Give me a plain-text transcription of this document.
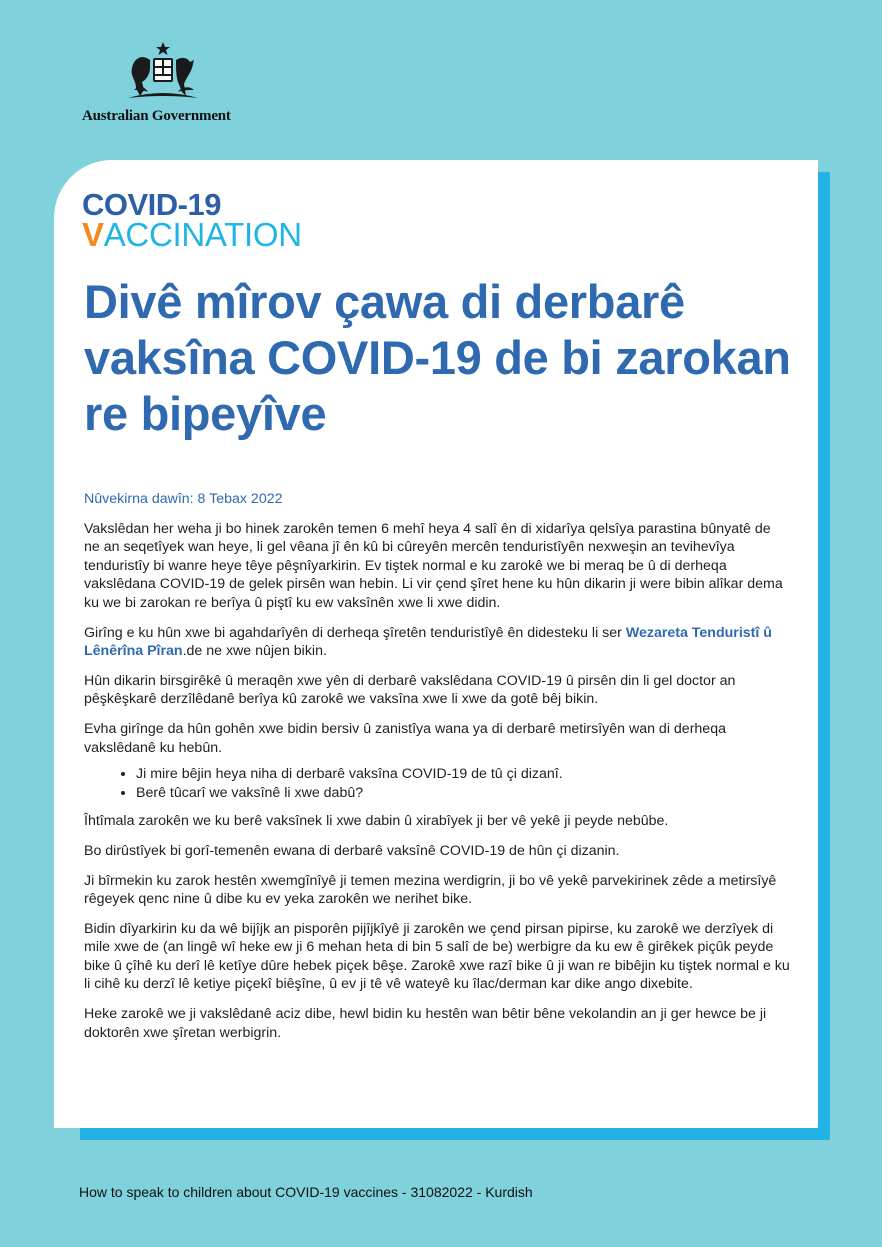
Australian Government
COVID-19
VACCINATION
Divê mîrov çawa di derbarê vaksîna COVID-19 de bi zarokan re bipeyîve

Nûvekirna dawîn: 8 Tebax 2022

Vakslêdan her weha ji bo hinek zarokên temen 6 mehî heya 4 salî ên di xidarîya qelsîya parastina bûnyatê de ne an seqetîyek wan heye, li gel vêana jî ên kû bi cûreyên mercên tenduristîyên nexweşin an tevihevîya tenduristîy bi wanre heye têye pêşnîyarkirin. Ev tiştek normal e ku zarokê we bi meraq be û di derheqa vakslêdana COVID-19 de gelek pirsên wan hebin. Li vir çend şîret hene ku hûn dikarin ji were bibin alîkar dema ku we bi zarokan re berîya û piştî ku ew vaksînên xwe li xwe didin.

Girîng e ku hûn xwe bi agahdarîyên di derheqa şîretên tenduristîyê ên didesteku li ser Wezareta Tenduristî û Lênêrîna Pîran.de ne xwe nûjen bikin.

Hûn dikarin birsgirêkê û meraqên xwe yên di derbarê vakslêdana COVID-19 û pirsên din li gel doctor an pêşkêşkarê derzîlêdanê berîya kû zarokê we vaksîna xwe li xwe da gotê bêj bikin.

Evha girînge da hûn gohên xwe bidin bersiv û zanistîya wana ya di derbarê metirsîyên wan di derheqa vakslêdanê ku hebûn.

• Ji mire bêjin heya niha di derbarê vaksîna COVID-19 de tû çi dizanî.
• Berê tûcarî we vaksînê li xwe dabû?

Îhtîmala zarokên we ku berê vaksînek li xwe dabin û xirabîyek ji ber vê yekê ji peyde nebûbe.

Bo dirûstîyek bi gorî-temenên ewana di derbarê vaksînê COVID-19 de hûn çi dizanin.

Ji bîrmekin ku zarok hestên xwemgînîyê ji temen mezina werdigrin, ji bo vê yekê parvekirinek zêde a metirsîyê rêgeyek qenc nine û dibe ku ev yeka zarokên we nerihet bike.

Bidin dîyarkirin ku da wê bijîjk an pisporên pijîjkîyê ji zarokên we çend pirsan pipirse, ku zarokê we derzîyek di mile xwe de (an lingê wî heke ew ji 6 mehan heta di bin 5 salî de be) werbigre da ku ew ê girêkek piçûk peyde bike û çîhê ku derî lê ketîye dûre hebek piçek bêşe. Zarokê xwe razî bike û ji wan re bibêjin ku tiştek normal e ku li cihê ku derzî lê ketiye piçekî biêşîne, û ev ji tê vê wateyê ku îlac/derman kar dike ango dixebite.

Heke zarokê we ji vakslêdanê aciz dibe, hewl bidin ku hestên wan bêtir bêne vekolandin an ji ger hewce be ji doktorên xwe şîretan werbigrin.

How to speak to children about COVID-19 vaccines - 31082022 - Kurdish
